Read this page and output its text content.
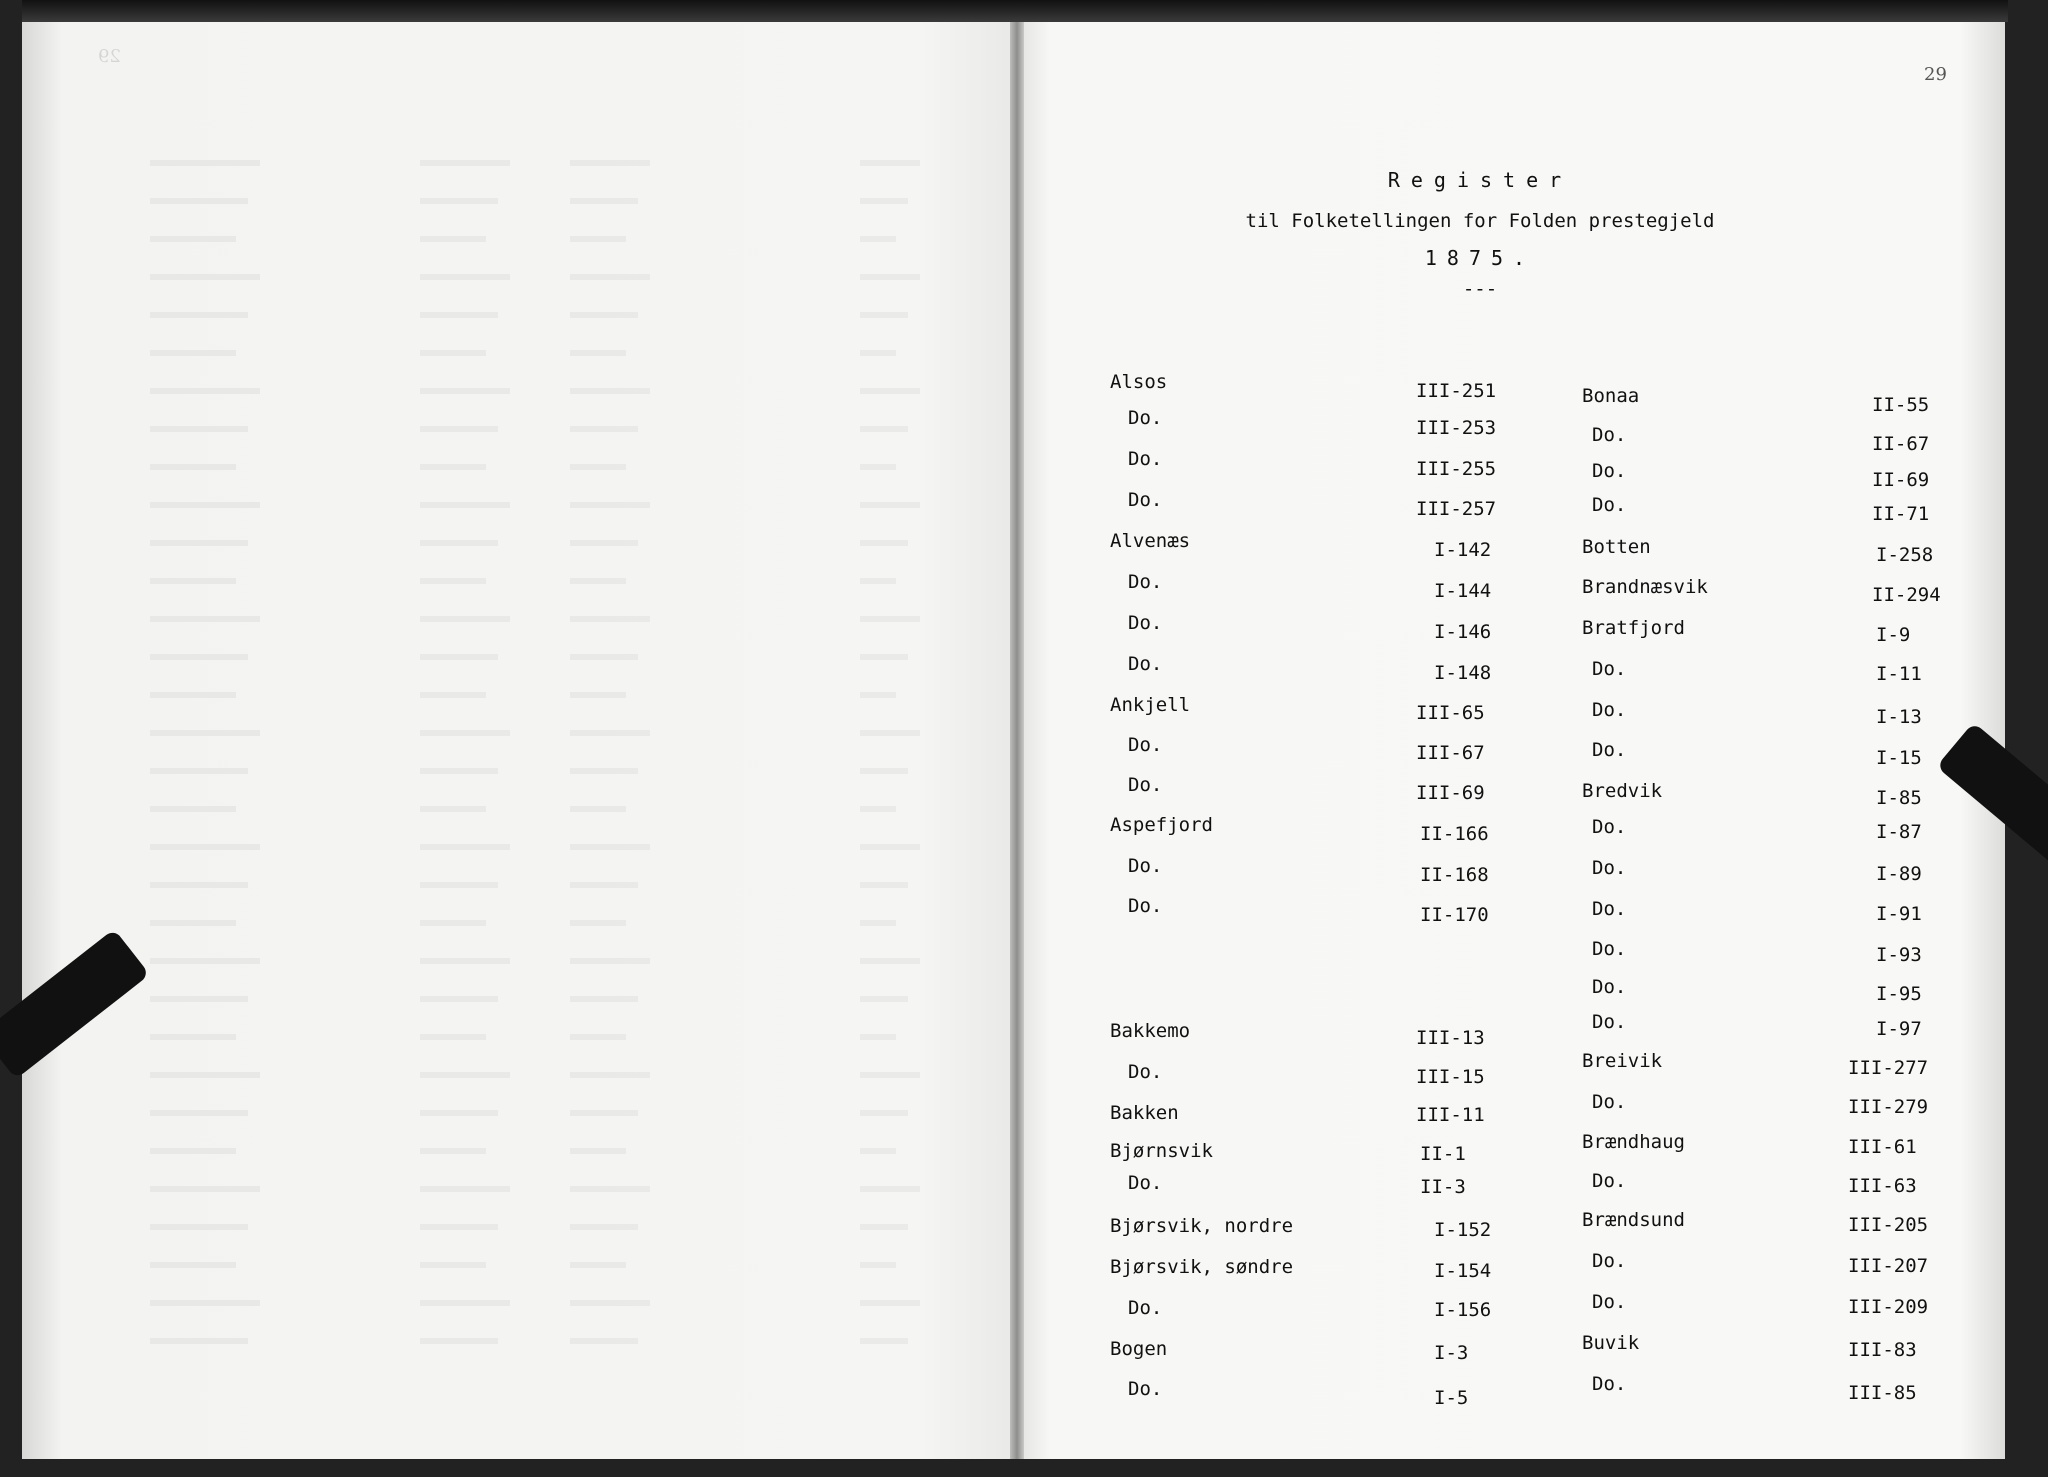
29
29
Register
til Folketellingen for Folden prestegjeld
1875.
---
Alsos	III-251
Do.	III-253
Do.	III-255
Do.	III-257
Alvenæs	I-142
Do.	I-144
Do.	I-146
Do.	I-148
Ankjell	III-65
Do.	III-67
Do.	III-69
Aspefjord	II-166
Do.	II-168
Do.	II-170
Bakkemo	III-13
Do.	III-15
Bakken	III-11
Bjørnsvik	II-1
Do.	II-3
Bjørsvik, nordre	I-152
Bjørsvik, søndre	I-154
Do.	I-156
Bogen	I-3
Do.	I-5
Bonaa	II-55
Do.	II-67
Do.	II-69
Do.	II-71
Botten	I-258
Brandnæsvik	II-294
Bratfjord	I-9
Do.	I-11
Do.	I-13
Do.	I-15
Bredvik	I-85
Do.	I-87
Do.	I-89
Do.	I-91
Do.	I-93
Do.	I-95
Do.	I-97
Breivik	III-277
Do.	III-279
Brændhaug	III-61
Do.	III-63
Brændsund	III-205
Do.	III-207
Do.	III-209
Buvik	III-83
Do.	III-85
